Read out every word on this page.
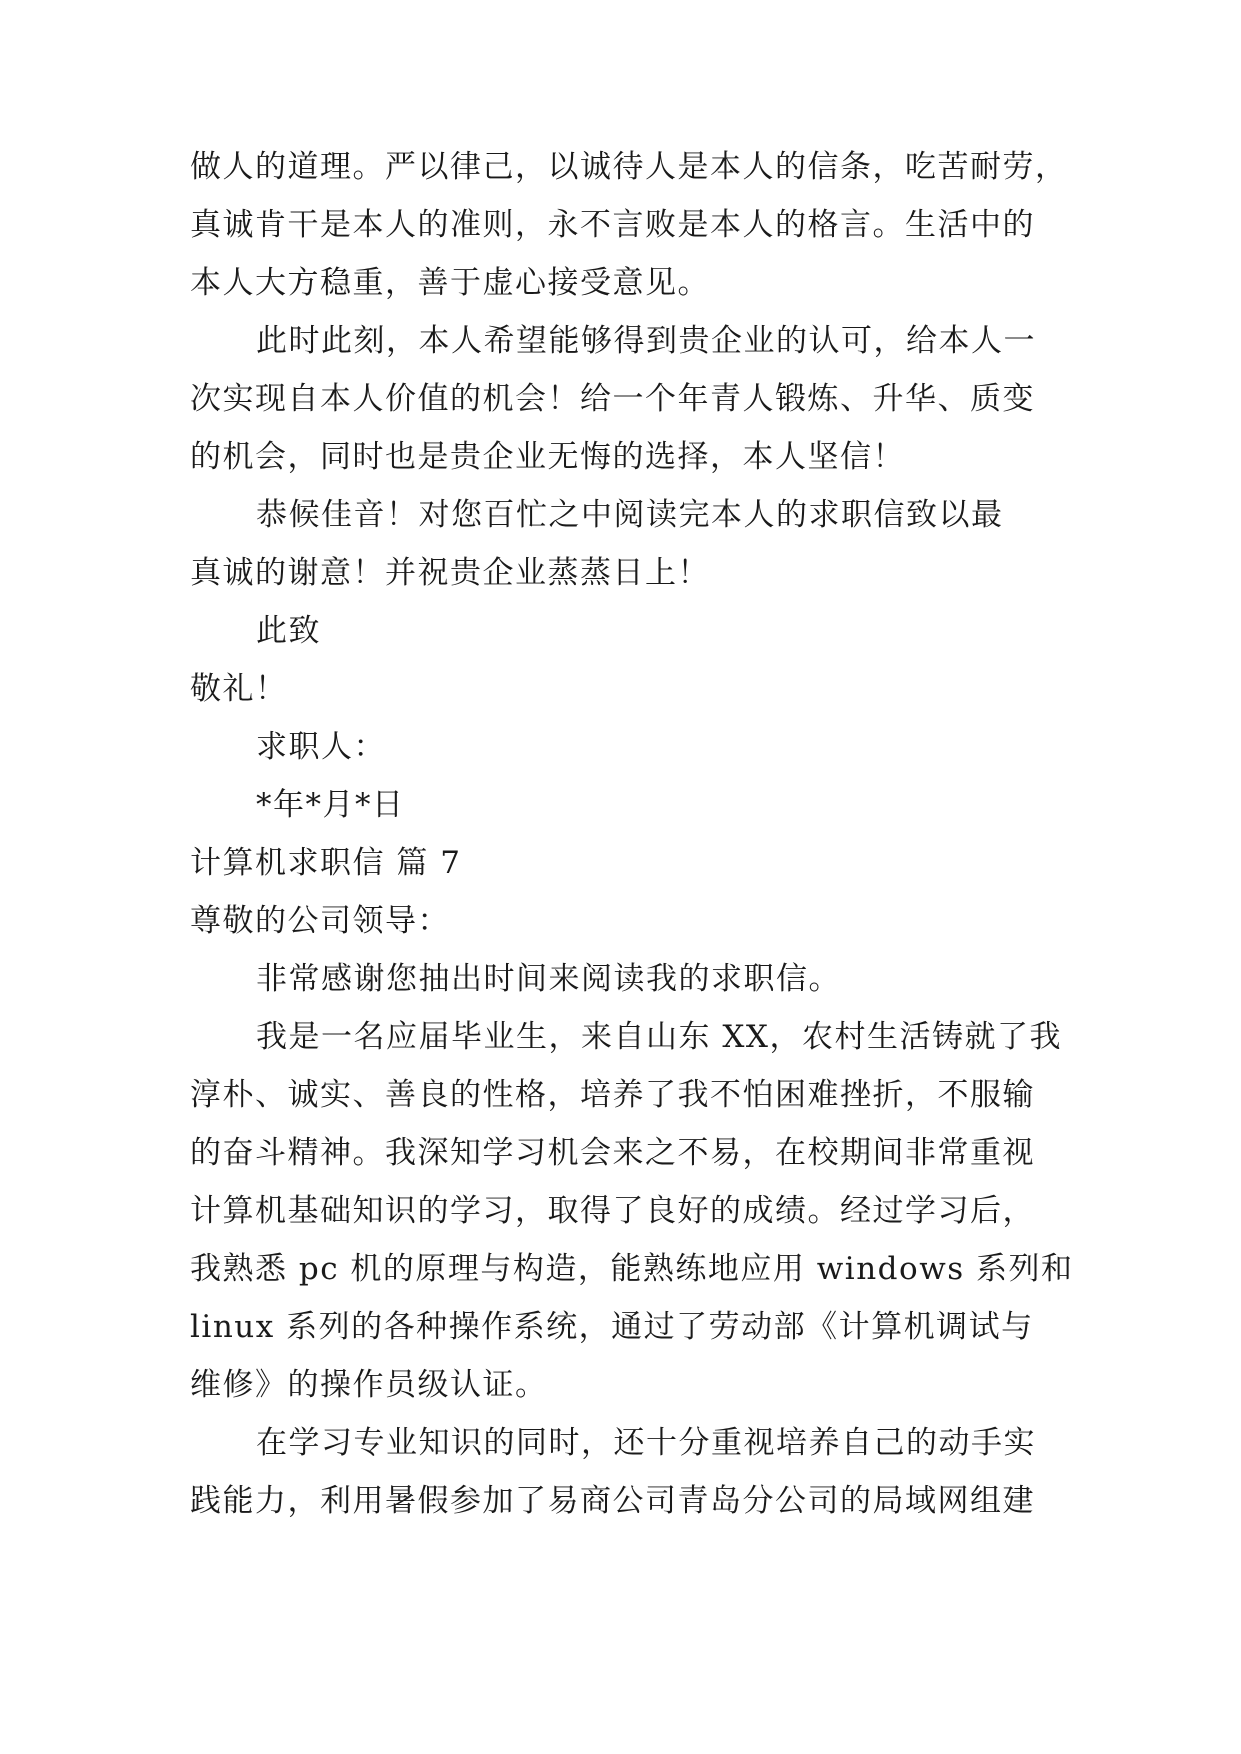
做人的道理。严以律己，以诚待人是本人的信条，吃苦耐劳，
真诚肯干是本人的准则，永不言败是本人的格言。生活中的
本人大方稳重，善于虚心接受意见。
此时此刻，本人希望能够得到贵企业的认可，给本人一
次实现自本人价值的机会！给一个年青人锻炼、升华、质变
的机会，同时也是贵企业无悔的选择，本人坚信！
恭候佳音！对您百忙之中阅读完本人的求职信致以最
真诚的谢意！并祝贵企业蒸蒸日上！
此致
敬礼！
求职人：
*年*月*日
计算机求职信 篇 7
尊敬的公司领导：
非常感谢您抽出时间来阅读我的求职信。
我是一名应届毕业生，来自山东 XX，农村生活铸就了我
淳朴、诚实、善良的性格，培养了我不怕困难挫折，不服输
的奋斗精神。我深知学习机会来之不易，在校期间非常重视
计算机基础知识的学习，取得了良好的成绩。经过学习后，
我熟悉 pc 机的原理与构造，能熟练地应用 windows 系列和
linux 系列的各种操作系统，通过了劳动部《计算机调试与
维修》的操作员级认证。
在学习专业知识的同时，还十分重视培养自己的动手实
践能力，利用暑假参加了易商公司青岛分公司的局域网组建
